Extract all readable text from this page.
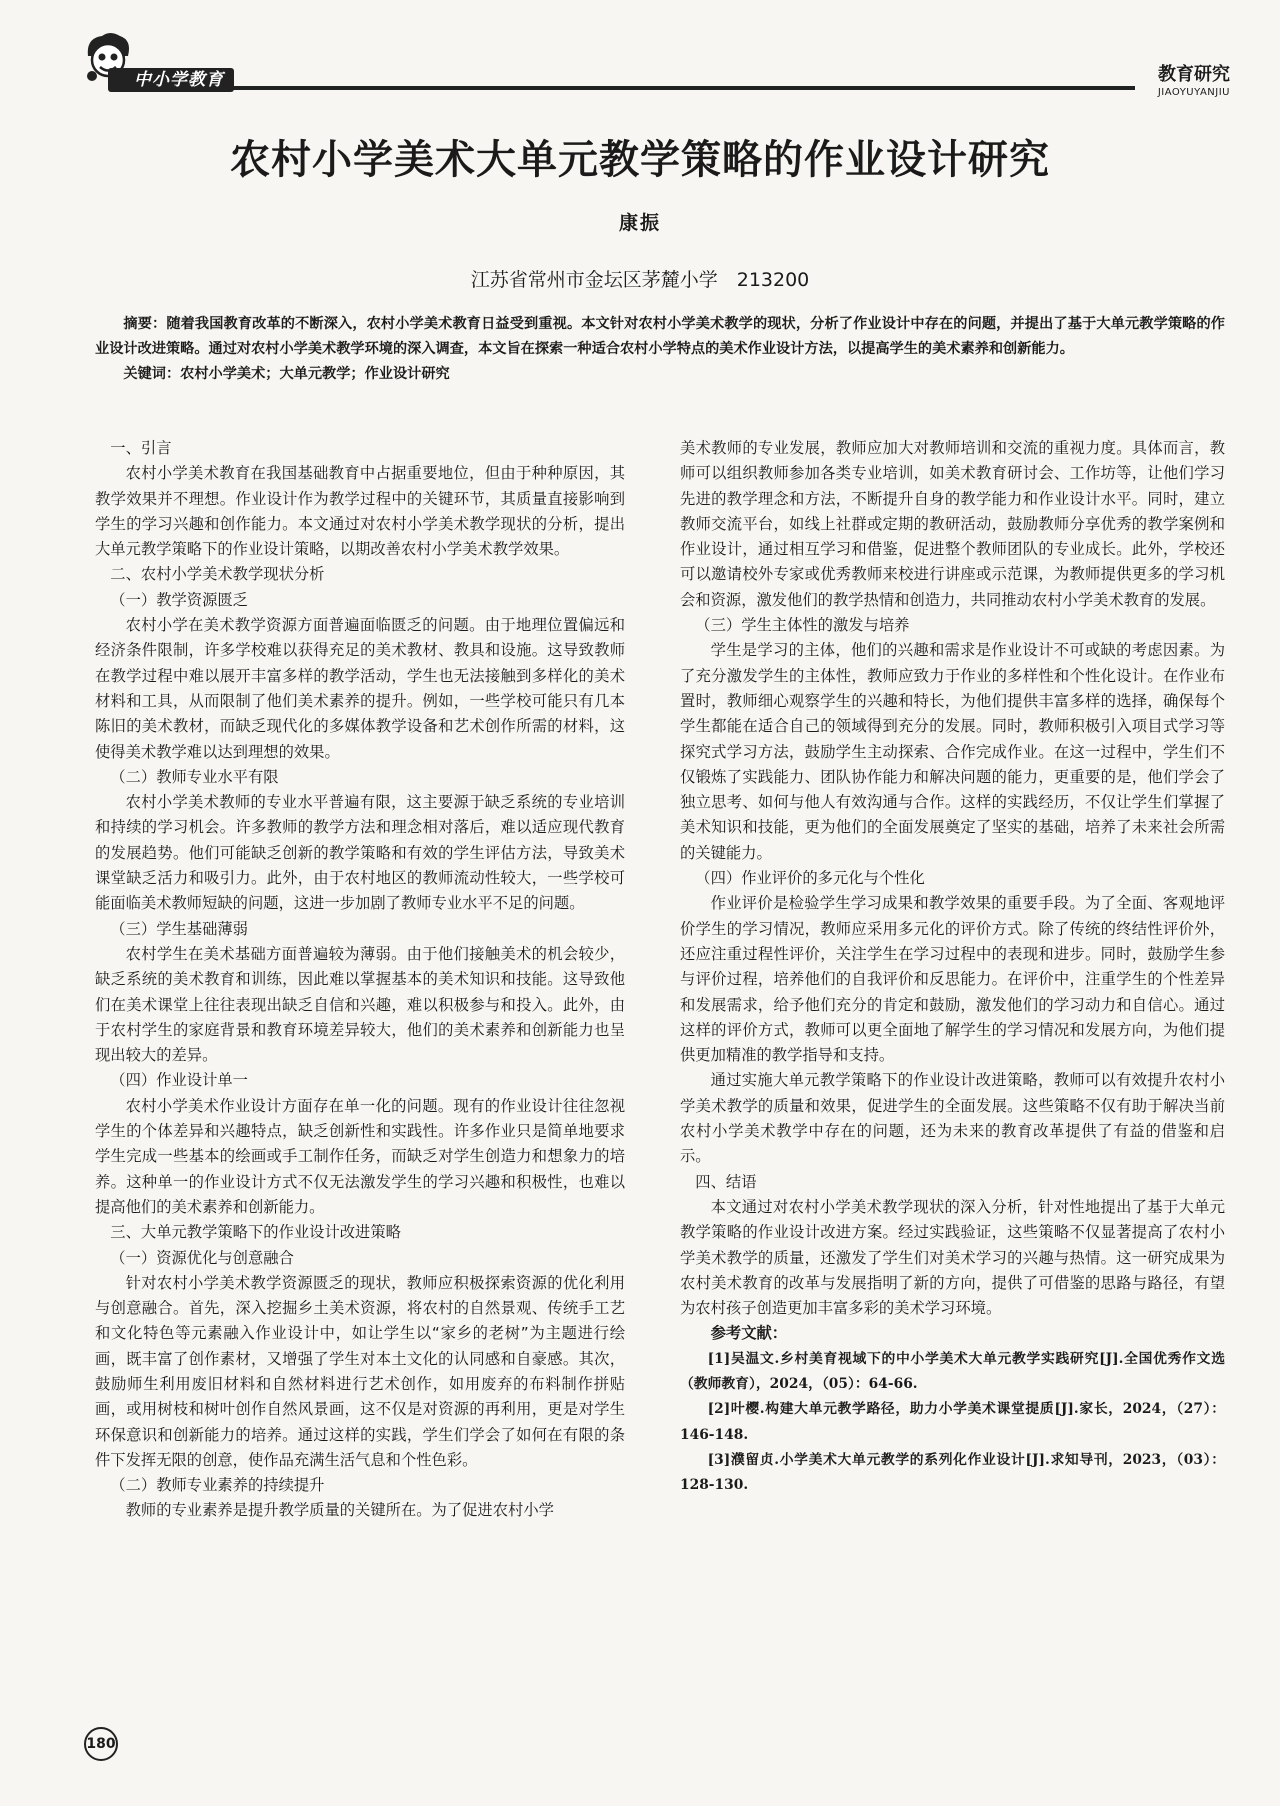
中小学教育	教育研究
JIAOYUYANJIU
农村小学美术大单元教学策略的作业设计研究
康振
江苏省常州市金坛区茅麓小学　213200

摘要：随着我国教育改革的不断深入，农村小学美术教育日益受到重视。本文针对农村小学美术教学的现状，分析了作业设计中存在的问题，并提出了基于大单元教学策略的作业设计改进策略。通过对农村小学美术教学环境的深入调查，本文旨在探索一种适合农村小学特点的美术作业设计方法，以提高学生的美术素养和创新能力。

关键词：农村小学美术；大单元教学；作业设计研究

一、引言

农村小学美术教育在我国基础教育中占据重要地位，但由于种种原因，其教学效果并不理想。作业设计作为教学过程中的关键环节，其质量直接影响到学生的学习兴趣和创作能力。本文通过对农村小学美术教学现状的分析，提出大单元教学策略下的作业设计策略，以期改善农村小学美术教学效果。

二、农村小学美术教学现状分析

（一）教学资源匮乏

农村小学在美术教学资源方面普遍面临匮乏的问题。由于地理位置偏远和经济条件限制，许多学校难以获得充足的美术教材、教具和设施。这导致教师在教学过程中难以展开丰富多样的教学活动，学生也无法接触到多样化的美术材料和工具，从而限制了他们美术素养的提升。例如，一些学校可能只有几本陈旧的美术教材，而缺乏现代化的多媒体教学设备和艺术创作所需的材料，这使得美术教学难以达到理想的效果。

（二）教师专业水平有限

农村小学美术教师的专业水平普遍有限，这主要源于缺乏系统的专业培训和持续的学习机会。许多教师的教学方法和理念相对落后，难以适应现代教育的发展趋势。他们可能缺乏创新的教学策略和有效的学生评估方法，导致美术课堂缺乏活力和吸引力。此外，由于农村地区的教师流动性较大，一些学校可能面临美术教师短缺的问题，这进一步加剧了教师专业水平不足的问题。

（三）学生基础薄弱

农村学生在美术基础方面普遍较为薄弱。由于他们接触美术的机会较少，缺乏系统的美术教育和训练，因此难以掌握基本的美术知识和技能。这导致他们在美术课堂上往往表现出缺乏自信和兴趣，难以积极参与和投入。此外，由于农村学生的家庭背景和教育环境差异较大，他们的美术素养和创新能力也呈现出较大的差异。

（四）作业设计单一

农村小学美术作业设计方面存在单一化的问题。现有的作业设计往往忽视学生的个体差异和兴趣特点，缺乏创新性和实践性。许多作业只是简单地要求学生完成一些基本的绘画或手工制作任务，而缺乏对学生创造力和想象力的培养。这种单一的作业设计方式不仅无法激发学生的学习兴趣和积极性，也难以提高他们的美术素养和创新能力。

三、大单元教学策略下的作业设计改进策略

（一）资源优化与创意融合

针对农村小学美术教学资源匮乏的现状，教师应积极探索资源的优化利用与创意融合。首先，深入挖掘乡土美术资源，将农村的自然景观、传统手工艺和文化特色等元素融入作业设计中，如让学生以“家乡的老树”为主题进行绘画，既丰富了创作素材，又增强了学生对本土文化的认同感和自豪感。其次，鼓励师生利用废旧材料和自然材料进行艺术创作，如用废弃的布料制作拼贴画，或用树枝和树叶创作自然风景画，这不仅是对资源的再利用，更是对学生环保意识和创新能力的培养。通过这样的实践，学生们学会了如何在有限的条件下发挥无限的创意，使作品充满生活气息和个性色彩。

（二）教师专业素养的持续提升

教师的专业素养是提升教学质量的关键所在。为了促进农村小学

美术教师的专业发展，教师应加大对教师培训和交流的重视力度。具体而言，教师可以组织教师参加各类专业培训，如美术教育研讨会、工作坊等，让他们学习先进的教学理念和方法，不断提升自身的教学能力和作业设计水平。同时，建立教师交流平台，如线上社群或定期的教研活动，鼓励教师分享优秀的教学案例和作业设计，通过相互学习和借鉴，促进整个教师团队的专业成长。此外，学校还可以邀请校外专家或优秀教师来校进行讲座或示范课，为教师提供更多的学习机会和资源，激发他们的教学热情和创造力，共同推动农村小学美术教育的发展。

（三）学生主体性的激发与培养

学生是学习的主体，他们的兴趣和需求是作业设计不可或缺的考虑因素。为了充分激发学生的主体性，教师应致力于作业的多样性和个性化设计。在作业布置时，教师细心观察学生的兴趣和特长，为他们提供丰富多样的选择，确保每个学生都能在适合自己的领域得到充分的发展。同时，教师积极引入项目式学习等探究式学习方法，鼓励学生主动探索、合作完成作业。在这一过程中，学生们不仅锻炼了实践能力、团队协作能力和解决问题的能力，更重要的是，他们学会了独立思考、如何与他人有效沟通与合作。这样的实践经历，不仅让学生们掌握了美术知识和技能，更为他们的全面发展奠定了坚实的基础，培养了未来社会所需的关键能力。

（四）作业评价的多元化与个性化

作业评价是检验学生学习成果和教学效果的重要手段。为了全面、客观地评价学生的学习情况，教师应采用多元化的评价方式。除了传统的终结性评价外，还应注重过程性评价，关注学生在学习过程中的表现和进步。同时，鼓励学生参与评价过程，培养他们的自我评价和反思能力。在评价中，注重学生的个性差异和发展需求，给予他们充分的肯定和鼓励，激发他们的学习动力和自信心。通过这样的评价方式，教师可以更全面地了解学生的学习情况和发展方向，为他们提供更加精准的教学指导和支持。

通过实施大单元教学策略下的作业设计改进策略，教师可以有效提升农村小学美术教学的质量和效果，促进学生的全面发展。这些策略不仅有助于解决当前农村小学美术教学中存在的问题，还为未来的教育改革提供了有益的借鉴和启示。

四、结语

本文通过对农村小学美术教学现状的深入分析，针对性地提出了基于大单元教学策略的作业设计改进方案。经过实践验证，这些策略不仅显著提高了农村小学美术教学的质量，还激发了学生们对美术学习的兴趣与热情。这一研究成果为农村美术教育的改革与发展指明了新的方向，提供了可借鉴的思路与路径，有望为农村孩子创造更加丰富多彩的美术学习环境。

参考文献：

[1]吴温文.乡村美育视域下的中小学美术大单元教学实践研究[J].全国优秀作文选（教师教育），2024，（05）：64-66.

[2]叶樱.构建大单元教学路径，助力小学美术课堂提质[J].家长，2024，（27）：146-148.

[3]濮留贞.小学美术大单元教学的系列化作业设计[J].求知导刊，2023，（03）：128-130.

180
